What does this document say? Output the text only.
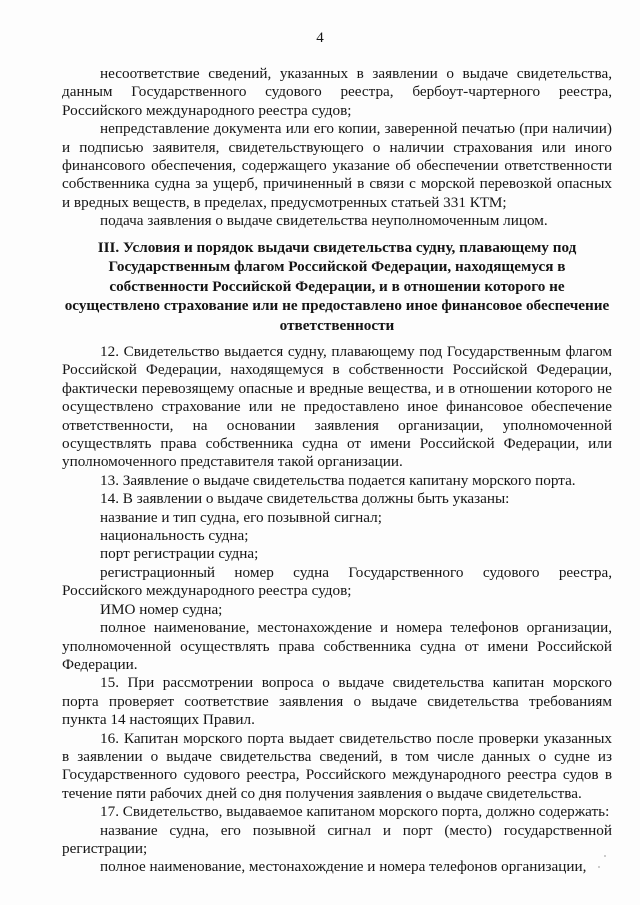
4

несоответствие сведений, указанных в заявлении о выдаче свидетельства, данным Государственного судового реестра, бербоут-чартерного реестра, Российского международного реестра судов;

непредставление документа или его копии, заверенной печатью (при наличии) и подписью заявителя, свидетельствующего о наличии страхования или иного финансового обеспечения, содержащего указание об обеспечении ответственности собственника судна за ущерб, причиненный в связи с морской перевозкой опасных и вредных веществ, в пределах, предусмотренных статьей 331 КТМ;

подача заявления о выдаче свидетельства неуполномоченным лицом.

III. Условия и порядок выдачи свидетельства судну, плавающему под Государственным флагом Российской Федерации, находящемуся в собственности Российской Федерации, и в отношении которого не осуществлено страхование или не предоставлено иное финансовое обеспечение ответственности

12. Свидетельство выдается судну, плавающему под Государственным флагом Российской Федерации, находящемуся в собственности Российской Федерации, фактически перевозящему опасные и вредные вещества, и в отношении которого не осуществлено страхование или не предоставлено иное финансовое обеспечение ответственности, на основании заявления организации, уполномоченной осуществлять права собственника судна от имени Российской Федерации, или уполномоченного представителя такой организации.

13. Заявление о выдаче свидетельства подается капитану морского порта.

14. В заявлении о выдаче свидетельства должны быть указаны:

название и тип судна, его позывной сигнал;

национальность судна;

порт регистрации судна;

регистрационный номер судна Государственного судового реестра, Российского международного реестра судов;

ИМО номер судна;

полное наименование, местонахождение и номера телефонов организации, уполномоченной осуществлять права собственника судна от имени Российской Федерации.

15. При рассмотрении вопроса о выдаче свидетельства капитан морского порта проверяет соответствие заявления о выдаче свидетельства требованиям пункта 14 настоящих Правил.

16. Капитан морского порта выдает свидетельство после проверки указанных в заявлении о выдаче свидетельства сведений, в том числе данных о судне из Государственного судового реестра, Российского международного реестра судов в течение пяти рабочих дней со дня получения заявления о выдаче свидетельства.

17. Свидетельство, выдаваемое капитаном морского порта, должно содержать:

название судна, его позывной сигнал и порт (место) государственной регистрации;

полное наименование, местонахождение и номера телефонов организации,
